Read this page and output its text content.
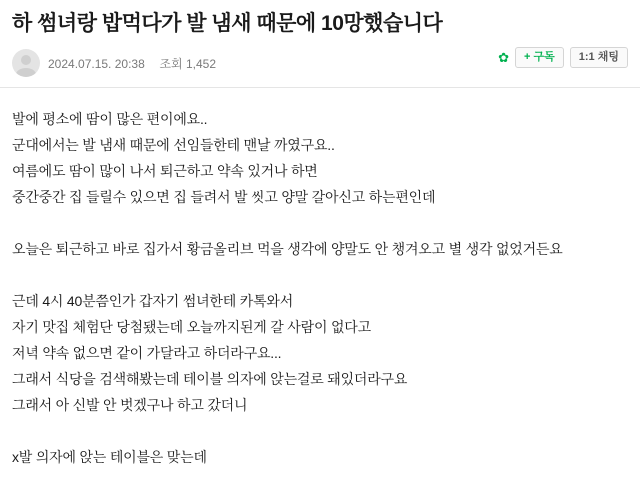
하 썸녀랑 밥먹다가 발 냄새 때문에 10망했습니다
2024.07.15. 20:38 조회 1,452	✿	+ 구독	1:1 채팅
발에 평소에 땀이 많은 편이에요..
군대에서는 발 냄새 때문에 선임들한테 맨날 까였구요..
여름에도 땀이 많이 나서 퇴근하고 약속 있거나 하면
중간중간 집 들릴수 있으면 집 들려서 발 씻고 양말 갈아신고 하는편인데
오늘은 퇴근하고 바로 집가서 황금올리브 먹을 생각에 양말도 안 챙겨오고 별 생각 없었거든요
근데 4시 40분쯤인가 갑자기 썸녀한테 카톡와서
자기 맛집 체험단 당첨됐는데 오늘까지된게 갈 사람이 없다고
저녁 약속 없으면 같이 가달라고 하더라구요...
그래서 식당을 검색해봤는데 테이블 의자에 앉는걸로 돼있더라구요
그래서 아 신발 안 벗겠구나 하고 갔더니
x발 의자에 앉는 테이블은 맞는데
